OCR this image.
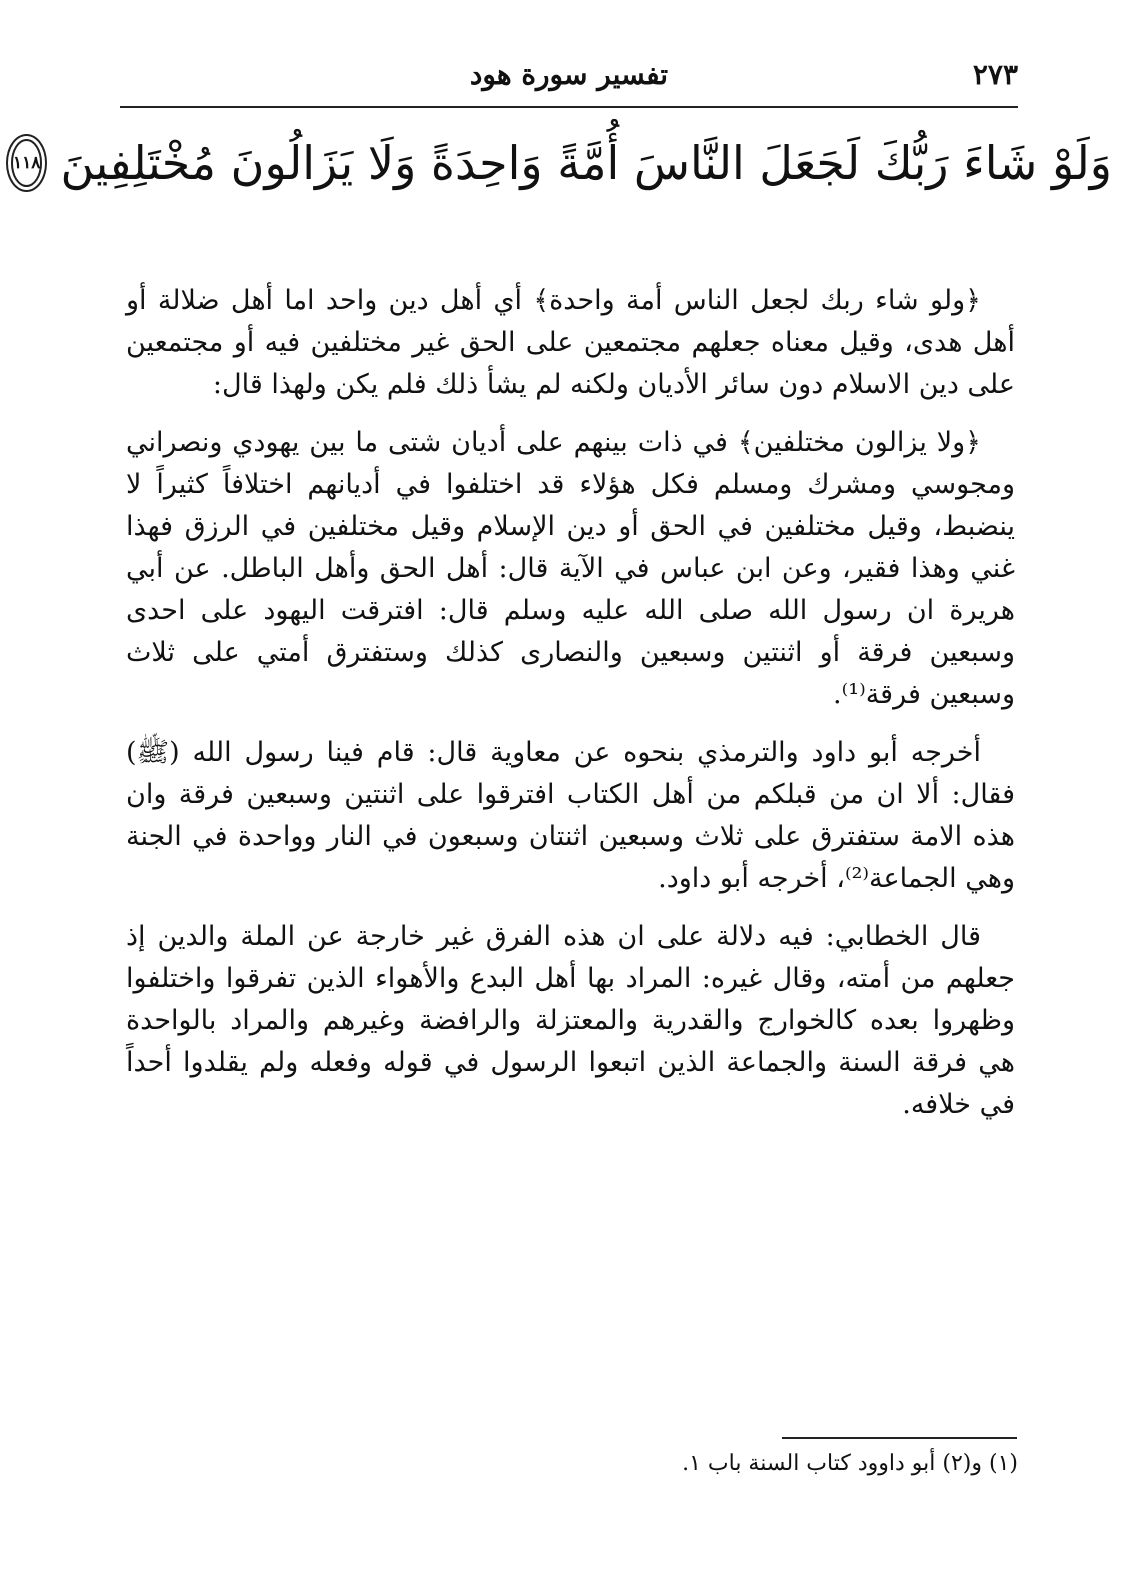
٢٧٣
تفسير سورة هود
وَلَوْ شَاءَ رَبُّكَ لَجَعَلَ النَّاسَ أُمَّةً وَاحِدَةً وَلَا يَزَالُونَ مُخْتَلِفِينَ
١١٨

﴿ولو شاء ربك لجعل الناس أمة واحدة﴾ أي أهل دين واحد اما أهل ضلالة أو أهل هدى، وقيل معناه جعلهم مجتمعين على الحق غير مختلفين فيه أو مجتمعين على دين الاسلام دون سائر الأديان ولكنه لم يشأ ذلك فلم يكن ولهذا قال:

﴿ولا يزالون مختلفين﴾ في ذات بينهم على أديان شتى ما بين يهودي ونصراني ومجوسي ومشرك ومسلم فكل هؤلاء قد اختلفوا في أديانهم اختلافاً كثيراً لا ينضبط، وقيل مختلفين في الحق أو دين الإسلام وقيل مختلفين في الرزق فهذا غني وهذا فقير، وعن ابن عباس في الآية قال: أهل الحق وأهل الباطل. عن أبي هريرة ان رسول الله صلى الله عليه وسلم قال: افترقت اليهود على احدى وسبعين فرقة أو اثنتين وسبعين والنصارى كذلك وستفترق أمتي على ثلاث وسبعين فرقة⁽¹⁾.

أخرجه أبو داود والترمذي بنحوه عن معاوية قال: قام فينا رسول الله (ﷺ) فقال: ألا ان من قبلكم من أهل الكتاب افترقوا على اثنتين وسبعين فرقة وان هذه الامة ستفترق على ثلاث وسبعين اثنتان وسبعون في النار وواحدة في الجنة وهي الجماعة⁽²⁾، أخرجه أبو داود.

قال الخطابي: فيه دلالة على ان هذه الفرق غير خارجة عن الملة والدين إذ جعلهم من أمته، وقال غيره: المراد بها أهل البدع والأهواء الذين تفرقوا واختلفوا وظهروا بعده كالخوارج والقدرية والمعتزلة والرافضة وغيرهم والمراد بالواحدة هي فرقة السنة والجماعة الذين اتبعوا الرسول في قوله وفعله ولم يقلدوا أحداً في خلافه.

(١) و(٢) أبو داوود كتاب السنة باب ١.
